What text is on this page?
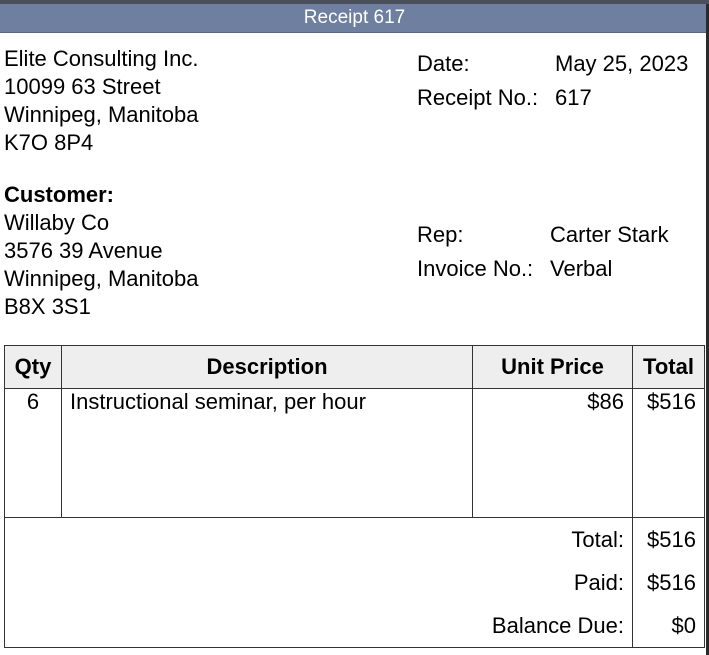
Receipt 617
Elite Consulting Inc.
10099 63 Street
Winnipeg, Manitoba
K7O 8P4
Customer:
Willaby Co
3576 39 Avenue
Winnipeg, Manitoba
B8X 3S1
Date:	May 25, 2023
Receipt No.: 617
Rep:	Carter Stark
Invoice No.: Verbal
Qty	Description	Unit Price	Total
6	Instructional seminar, per hour	$86	$516
Total:			$516
Paid:			$516
Balance Due:			$0
